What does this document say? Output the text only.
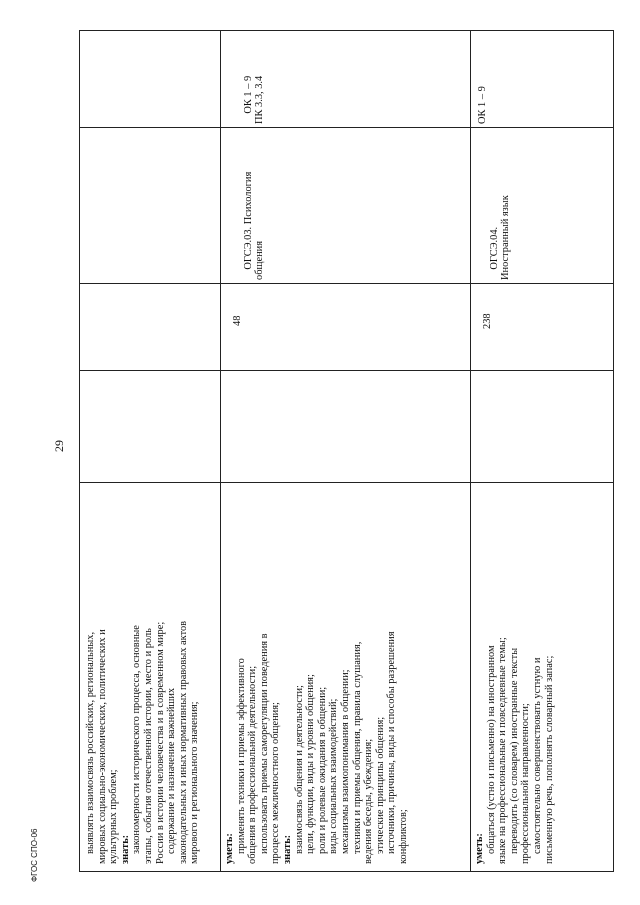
29
ФГОС СПО-06
выявлять взаимосвязь российских, региональных, мировых социально-экономических, политических и культурных проблем; знать: закономерности исторического процесса, основные этапы, события отечественной истории, место и роль России в истории человечества и в современном мире; содержание и назначение важнейших законодательных и иных нормативных правовых актов мирового и регионального значения; уметь: применять техники и приемы эффективного общения в профессиональной деятельности; использовать приемы саморегуляции поведения в процессе межличностного общения; знать: взаимосвязь общения и деятельности; цели, функции, виды и уровни общения; роли и ролевые ожидания в общении; виды социальных взаимодействий; механизмы взаимопонимания в общении; техники и приемы общения, правила слушания, ведения беседы, убеждения; этические принципы общения; источники, причины, виды и способы разрешения конфликтов;
48

ОГСЭ.03. Психология
общения

ОК 1 – 9
ПК 3.3, 3.4

уметь: общаться (устно и письменно) на иностранном языке на профессиональные и повседневные темы; переводить (со словарем) иностранные тексты профессиональной направленности; самостоятельно совершенствовать устную и письменную речь, пополнять словарный запас;
238

ОГСЭ.04.
Иностранный язык

ОК 1 – 9
